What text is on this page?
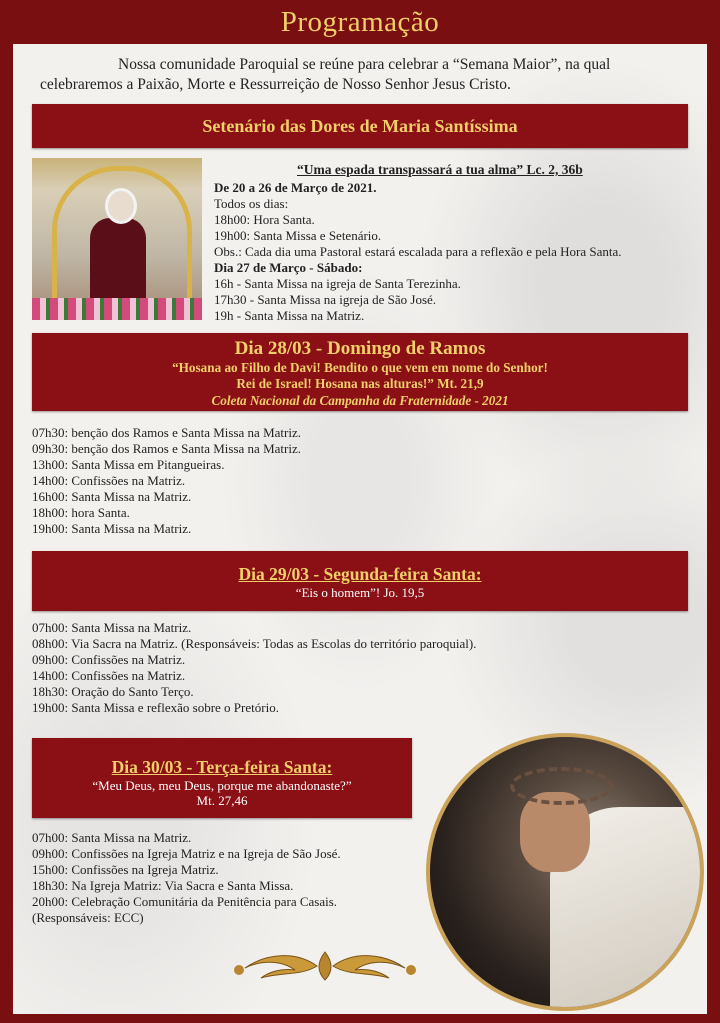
Programação
Nossa comunidade Paroquial se reúne para celebrar a “Semana Maior”, na qual celebraremos a Paixão, Morte e Ressurreição de Nosso Senhor Jesus Cristo.
Setenário das Dores de Maria Santíssima
“Uma espada transpassará a tua alma” Lc. 2, 36b
De 20 a 26 de Março de 2021.
Todos os dias:
18h00: Hora Santa.
19h00: Santa Missa e Setenário.
Obs.: Cada dia uma Pastoral estará escalada para a reflexão e pela Hora Santa.
Dia 27 de Março - Sábado:
16h - Santa Missa na igreja de Santa Terezinha.
17h30 - Santa Missa na igreja de São José.
19h - Santa Missa na Matriz.
Dia 28/03 - Domingo de Ramos
“Hosana ao Filho de Davi! Bendito o que vem em nome do Senhor!
Rei de Israel! Hosana nas alturas!” Mt. 21,9
Coleta Nacional da Campanha da Fraternidade - 2021
07h30: benção dos Ramos e Santa Missa na Matriz.
09h30: benção dos Ramos e Santa Missa na Matriz.
13h00: Santa Missa em Pitangueiras.
14h00: Confissões na Matriz.
16h00: Santa Missa na Matriz.
18h00: hora Santa.
19h00: Santa Missa na Matriz.
Dia 29/03 - Segunda-feira Santa:
“Eis o homem”! Jo. 19,5
07h00: Santa Missa na Matriz.
08h00: Via Sacra na Matriz. (Responsáveis: Todas as Escolas do território paroquial).
09h00: Confissões na Matriz.
14h00: Confissões na Matriz.
18h30: Oração do Santo Terço.
19h00: Santa Missa e reflexão sobre o Pretório.
Dia 30/03 - Terça-feira Santa:
“Meu Deus, meu Deus, porque me abandonaste?”
Mt. 27,46
07h00: Santa Missa na Matriz.
09h00: Confissões na Igreja Matriz e na Igreja de São José.
15h00: Confissões na Igreja Matriz.
18h30: Na Igreja Matriz: Via Sacra e Santa Missa.
20h00: Celebração Comunitária da Penitência para Casais.
(Responsáveis: ECC)
